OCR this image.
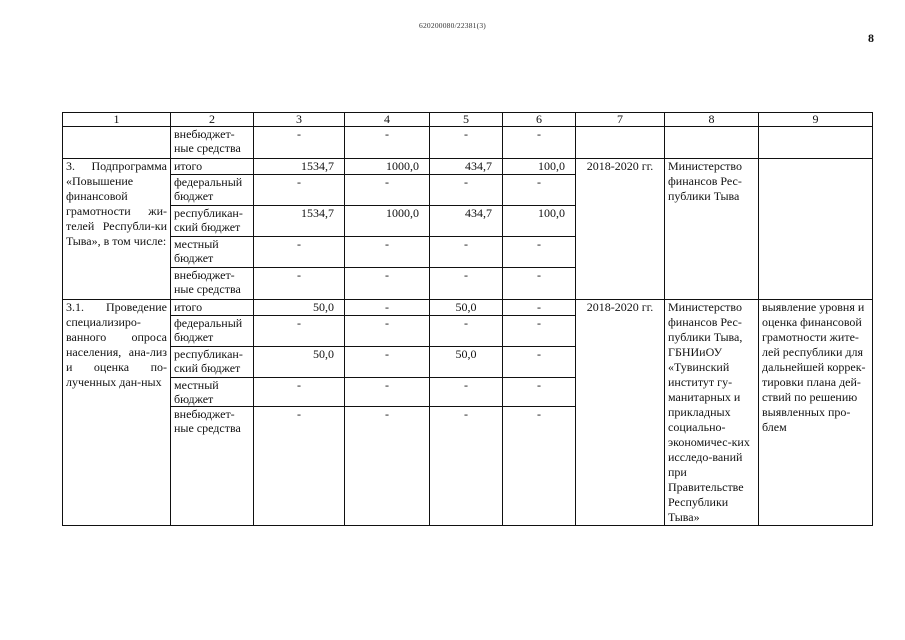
620200080/22381(3)
8
1	2	3	4	5	6	7	8	9
	внебюджет-ные средства	-	-	-	-			
3. Подпрограмма «Повышение финансовой грамотности жи-телей Республи-ки Тыва», в том числе:	итого	1534,7	1000,0	434,7	100,0	2018-2020 гг.	Министерство финансов Рес-публики Тыва	
	федеральный бюджет	-	-	-	-			
	республикан-ский бюджет	1534,7	1000,0	434,7	100,0			
	местный бюджет	-	-	-	-			
	внебюджет-ные средства	-	-	-	-			
3.1. Проведение специализиро-ванного опроса населения, ана-лиз и оценка по-лученных дан-ных	итого	50,0	-	50,0	-	2018-2020 гг.	Министерство финансов Рес-публики Тыва, ГБНИиОУ «Тувинский институт гу-манитарных и прикладных социально-экономичес-ких исследо-ваний при Правительстве Республики Тыва»	выявление уровня и оценка финансовой грамотности жите-лей республики для дальнейшей коррек-тировки плана дей-ствий по решению выявленных про-блем
	федеральный бюджет	-	-	-	-			
	республикан-ский бюджет	50,0	-	50,0	-			
	местный бюджет	-	-	-	-			
	внебюджет-ные средства	-	-	-	-			
